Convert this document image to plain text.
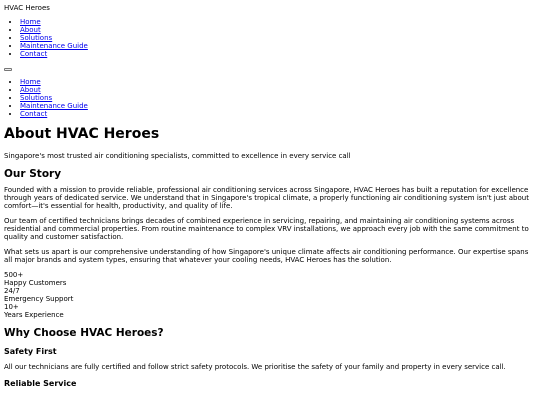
HVAC Heroes
• Home
• About
• Solutions
• Maintenance Guide
• Contact
• Home
• About
• Solutions
• Maintenance Guide
• Contact
About HVAC Heroes

Singapore's most trusted air conditioning specialists, committed to excellence in every service call

Our Story

Founded with a mission to provide reliable, professional air conditioning services across Singapore, HVAC Heroes has built a reputation for excellence through years of dedicated service. We understand that in Singapore's tropical climate, a properly functioning air conditioning system isn't just about comfort—it's essential for health, productivity, and quality of life.

Our team of certified technicians brings decades of combined experience in servicing, repairing, and maintaining air conditioning systems across residential and commercial properties. From routine maintenance to complex VRV installations, we approach every job with the same commitment to quality and customer satisfaction.

What sets us apart is our comprehensive understanding of how Singapore's unique climate affects air conditioning performance. Our expertise spans all major brands and system types, ensuring that whatever your cooling needs, HVAC Heroes has the solution.

500+
Happy Customers
24/7
Emergency Support
10+
Years Experience
Why Choose HVAC Heroes?
Safety First

All our technicians are fully certified and follow strict safety protocols. We prioritise the safety of your family and property in every service call.

Reliable Service
